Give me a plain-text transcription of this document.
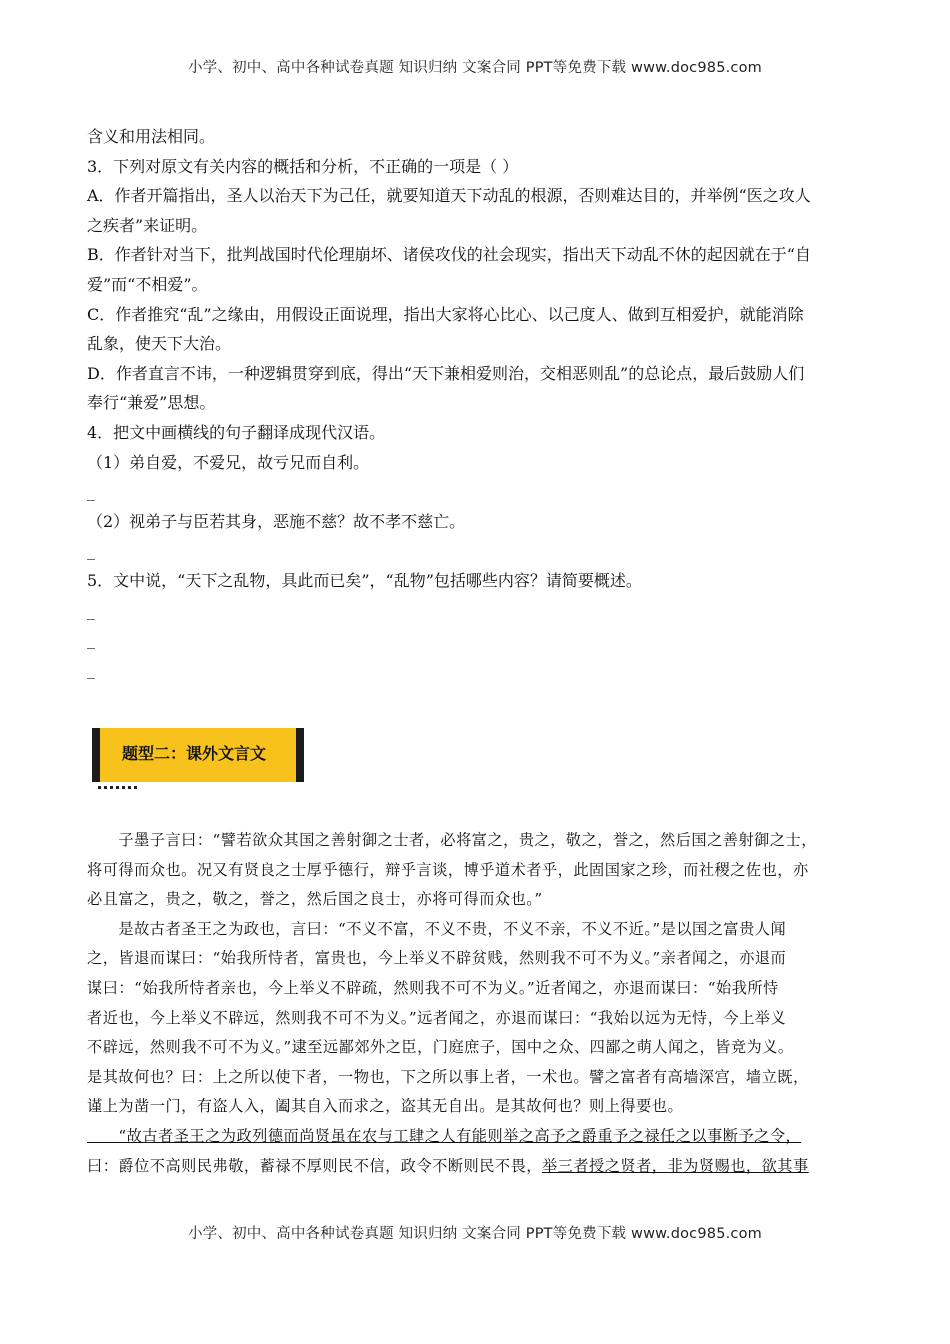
小学、初中、高中各种试卷真题 知识归纳 文案合同 PPT等免费下载 www.doc985.com
含义和用法相同。
3．下列对原文有关内容的概括和分析，不正确的一项是（ ）
A．作者开篇指出，圣人以治天下为己任，就要知道天下动乱的根源，否则难达目的，并举例“医之攻人
之疾者”来证明。
B．作者针对当下，批判战国时代伦理崩坏、诸侯攻伐的社会现实，指出天下动乱不休的起因就在于“自
爱”而“不相爱”。
C．作者推究“乱”之缘由，用假设正面说理，指出大家将心比心、以己度人、做到互相爱护，就能消除
乱象，使天下大治。
D．作者直言不讳，一种逻辑贯穿到底，得出“天下兼相爱则治，交相恶则乱”的总论点，最后鼓励人们
奉行“兼爱”思想。
4．把文中画横线的句子翻译成现代汉语。
（1）弟自爱，不爱兄，故亏兄而自利。
_
（2）视弟子与臣若其身，恶施不慈？故不孝不慈亡。
_
5．文中说，“天下之乱物，具此而已矣”，“乱物”包括哪些内容？请简要概述。
_
_
_
题型二：课外文言文
　　子墨子言曰：“譬若欲众其国之善射御之士者，必将富之，贵之，敬之，誉之，然后国之善射御之士，
将可得而众也。况又有贤良之士厚乎德行，辩乎言谈，博乎道术者乎，此固国家之珍，而社稷之佐也，亦
必且富之，贵之，敬之，誉之，然后国之良士，亦将可得而众也。”
　　是故古者圣王之为政也，言曰：“不义不富，不义不贵，不义不亲，不义不近。”是以国之富贵人闻
之，皆退而谋曰：“始我所恃者，富贵也，今上举义不辟贫贱，然则我不可不为义。”亲者闻之，亦退而
谋曰：“始我所恃者亲也，今上举义不辟疏，然则我不可不为义。”近者闻之，亦退而谋曰：“始我所恃
者近也，今上举义不辟远，然则我不可不为义。”远者闻之，亦退而谋曰：“我始以远为无恃，今上举义
不辟远，然则我不可不为义。”逮至远鄙郊外之臣，门庭庶子，国中之众、四鄙之萌人闻之，皆竞为义。
是其故何也？曰：上之所以使下者，一物也，下之所以事上者，一术也。譬之富者有高墙深宫，墙立既，
谨上为凿一门，有盗人入，阖其自入而求之，盗其无自出。是其故何也？则上得要也。
　　“故古者圣王之为政列德而尚贤虽在农与工肆之人有能则举之高予之爵重予之禄任之以事断予之令，
曰：爵位不高则民弗敬，蓄禄不厚则民不信，政令不断则民不畏，举三者授之贤者，非为贤赐也，欲其事
小学、初中、高中各种试卷真题 知识归纳 文案合同 PPT等免费下载 www.doc985.com
